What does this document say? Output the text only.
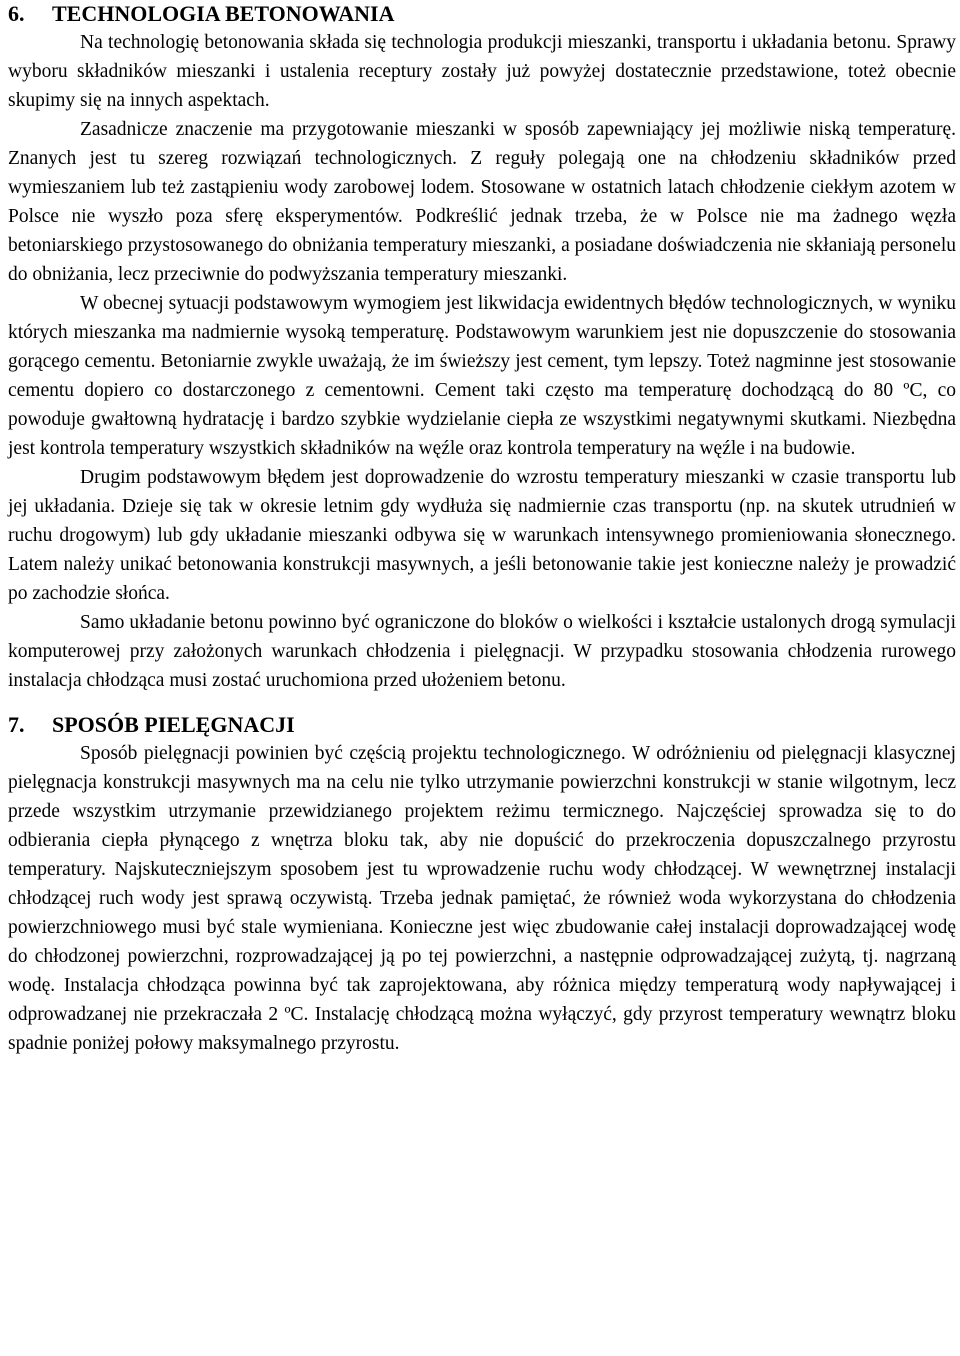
6. TECHNOLOGIA BETONOWANIA

Na technologię betonowania składa się technologia produkcji mieszanki, transportu i układania betonu. Sprawy wyboru składników mieszanki i ustalenia receptury zostały już powyżej dostatecznie przedstawione, toteż obecnie skupimy się na innych aspektach.

Zasadnicze znaczenie ma przygotowanie mieszanki w sposób zapewniający jej możliwie niską temperaturę. Znanych jest tu szereg rozwiązań technologicznych. Z reguły polegają one na chłodzeniu składników przed wymieszaniem lub też zastąpieniu wody zarobowej lodem. Stosowane w ostatnich latach chłodzenie ciekłym azotem w Polsce nie wyszło poza sferę eksperymentów. Podkreślić jednak trzeba, że w Polsce nie ma żadnego węzła betoniarskiego przystosowanego do obniżania temperatury mieszanki, a posiadane doświadczenia nie skłaniają personelu do obniżania, lecz przeciwnie do podwyższania temperatury mieszanki.

W obecnej sytuacji podstawowym wymogiem jest likwidacja ewidentnych błędów technologicznych, w wyniku których mieszanka ma nadmiernie wysoką temperaturę. Podstawowym warunkiem jest nie dopuszczenie do stosowania gorącego cementu. Betoniarnie zwykle uważają, że im świeższy jest cement, tym lepszy. Toteż nagminne jest stosowanie cementu dopiero co dostarczonego z cementowni. Cement taki często ma temperaturę dochodzącą do 80 ºC, co powoduje gwałtowną hydratację i bardzo szybkie wydzielanie ciepła ze wszystkimi negatywnymi skutkami. Niezbędna jest kontrola temperatury wszystkich składników na węźle oraz kontrola temperatury na węźle i na budowie.

Drugim podstawowym błędem jest doprowadzenie do wzrostu temperatury mieszanki w czasie transportu lub jej układania. Dzieje się tak w okresie letnim gdy wydłuża się nadmiernie czas transportu (np. na skutek utrudnień w ruchu drogowym) lub gdy układanie mieszanki odbywa się w warunkach intensywnego promieniowania słonecznego. Latem należy unikać betonowania konstrukcji masywnych, a jeśli betonowanie takie jest konieczne należy je prowadzić po zachodzie słońca.

Samo układanie betonu powinno być ograniczone do bloków o wielkości i kształcie ustalonych drogą symulacji komputerowej przy założonych warunkach chłodzenia i pielęgnacji. W przypadku stosowania chłodzenia rurowego instalacja chłodząca musi zostać uruchomiona przed ułożeniem betonu.

7. SPOSÓB PIELĘGNACJI

Sposób pielęgnacji powinien być częścią projektu technologicznego. W odróżnieniu od pielęgnacji klasycznej pielęgnacja konstrukcji masywnych ma na celu nie tylko utrzymanie powierzchni konstrukcji w stanie wilgotnym, lecz przede wszystkim utrzymanie przewidzianego projektem reżimu termicznego. Najczęściej sprowadza się to do odbierania ciepła płynącego z wnętrza bloku tak, aby nie dopuścić do przekroczenia dopuszczalnego przyrostu temperatury. Najskuteczniejszym sposobem jest tu wprowadzenie ruchu wody chłodzącej. W wewnętrznej instalacji chłodzącej ruch wody jest sprawą oczywistą. Trzeba jednak pamiętać, że również woda wykorzystana do chłodzenia powierzchniowego musi być stale wymieniana. Konieczne jest więc zbudowanie całej instalacji doprowadzającej wodę do chłodzonej powierzchni, rozprowadzającej ją po tej powierzchni, a następnie odprowadzającej zużytą, tj. nagrzaną wodę. Instalacja chłodząca powinna być tak zaprojektowana, aby różnica między temperaturą wody napływającej i odprowadzanej nie przekraczała 2 ºC. Instalację chłodzącą można wyłączyć, gdy przyrost temperatury wewnątrz bloku spadnie poniżej połowy maksymalnego przyrostu.
